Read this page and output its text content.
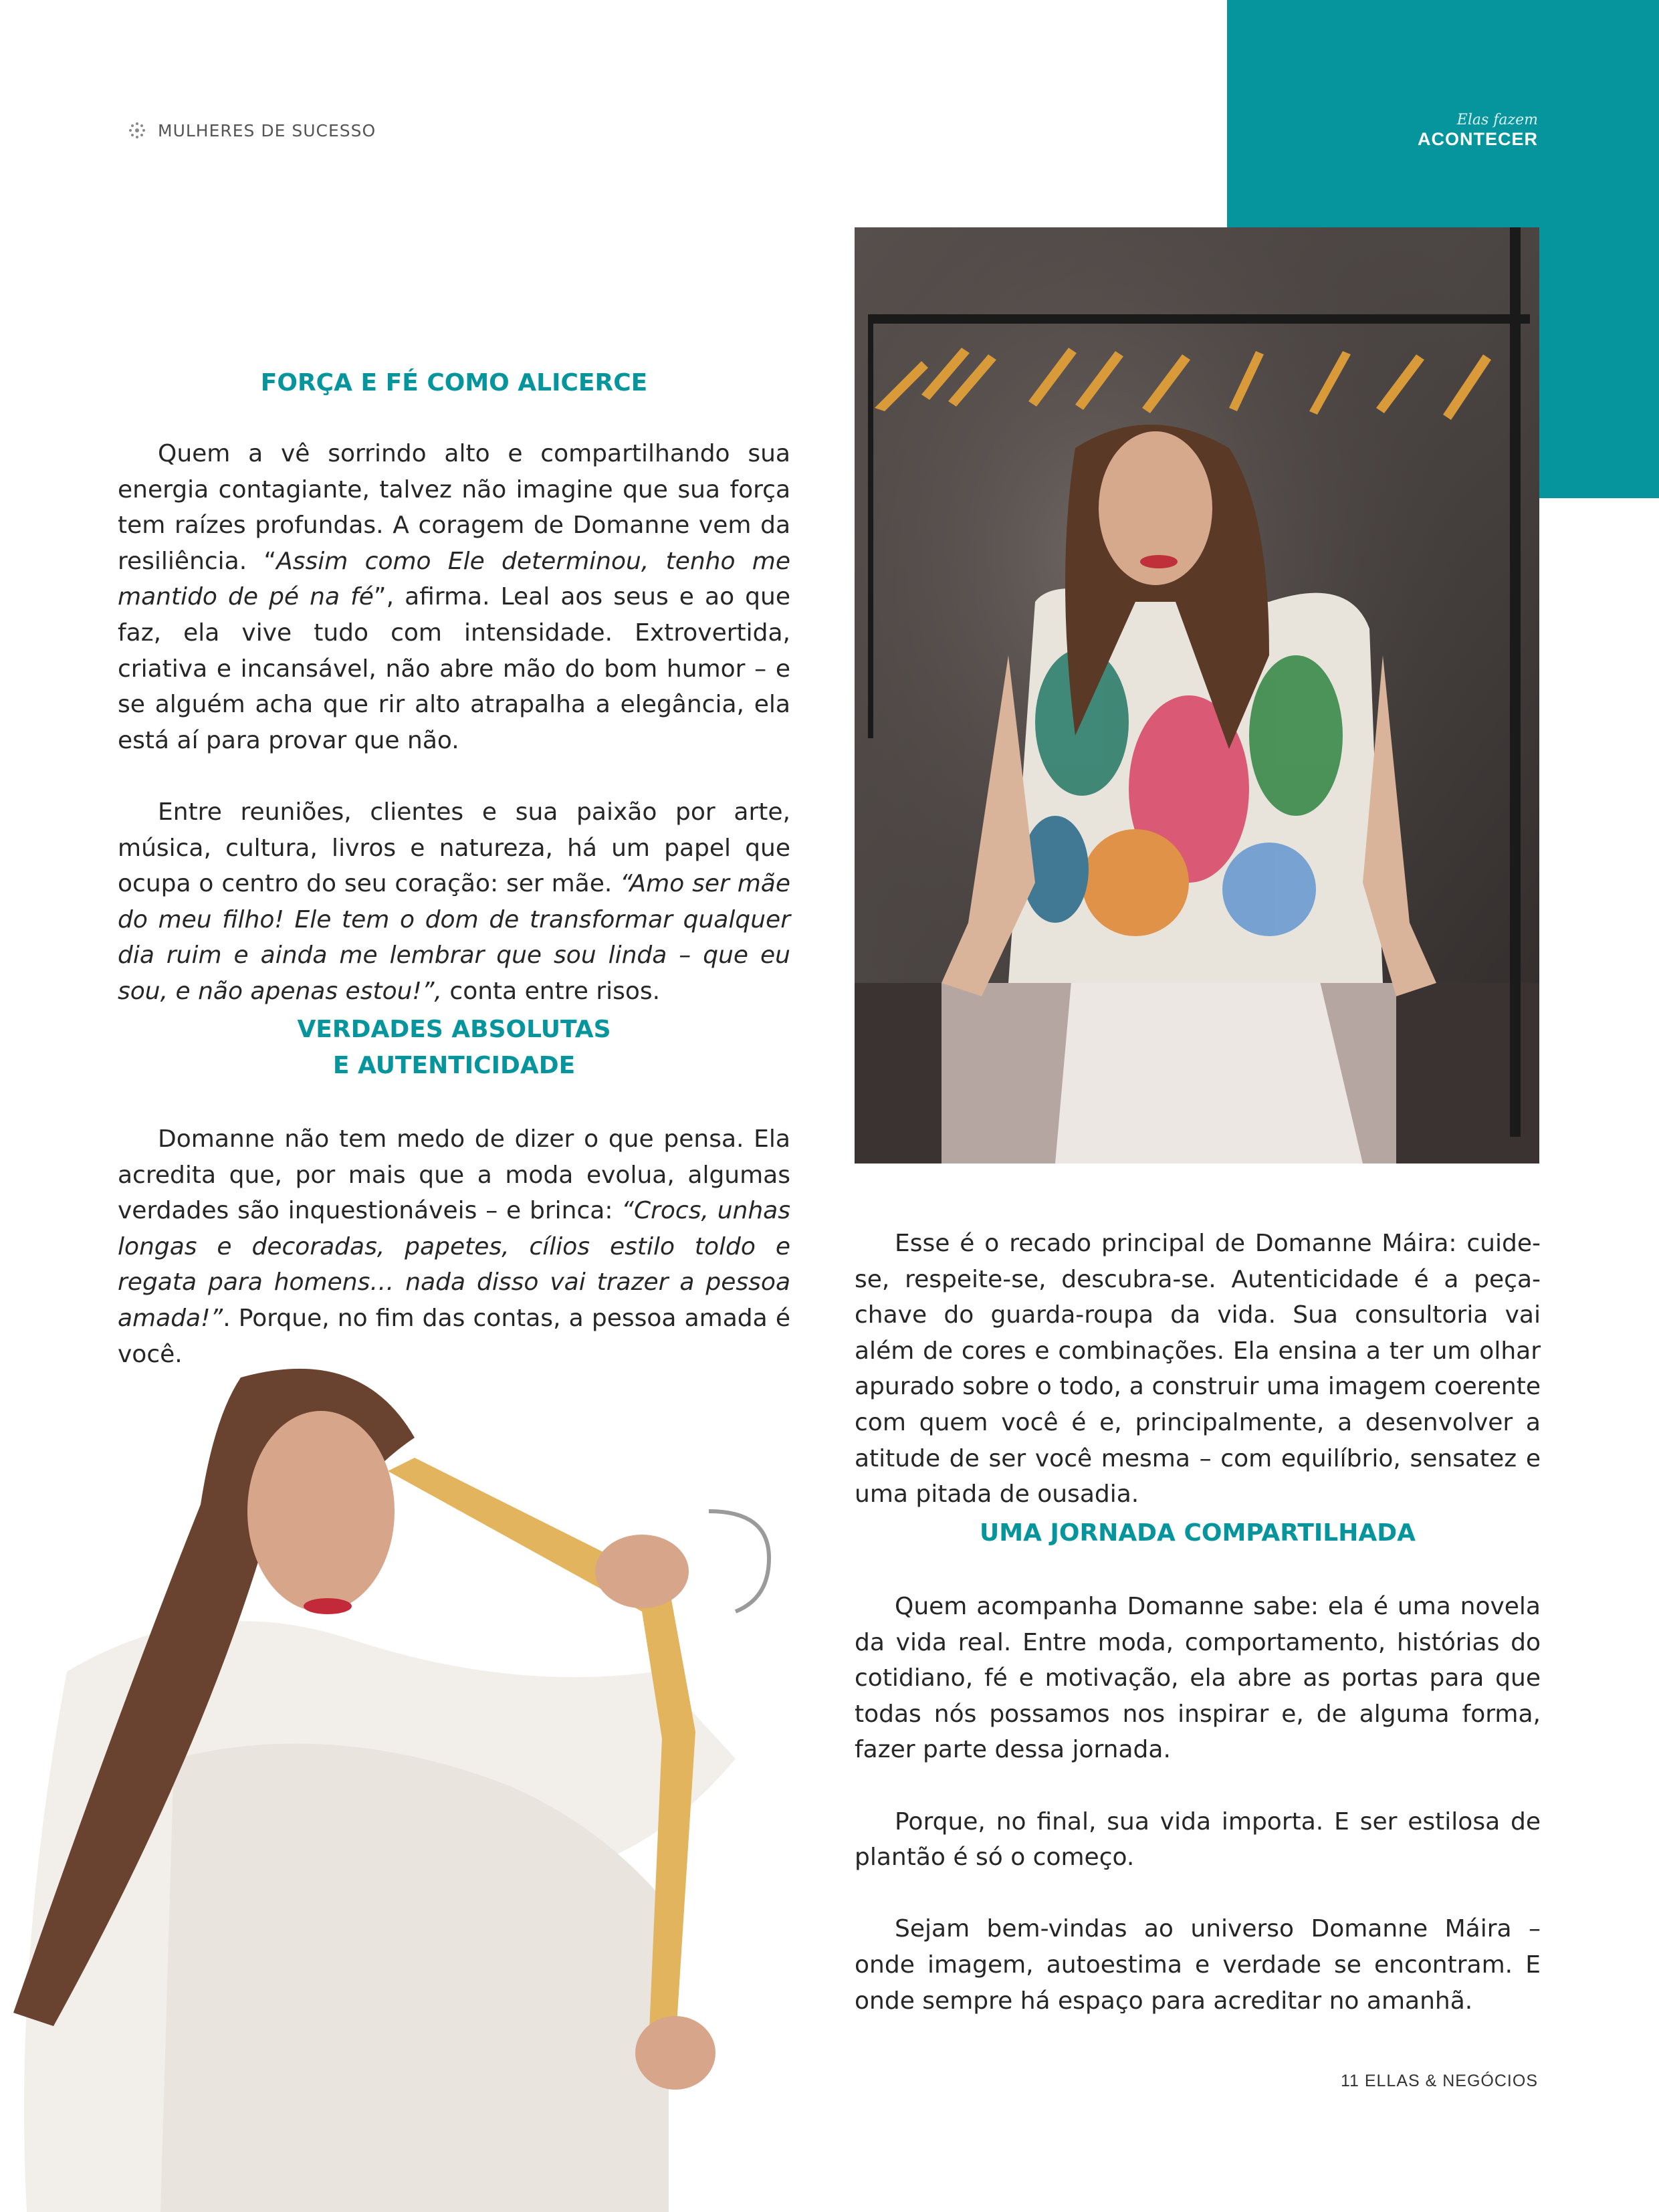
MULHERES DE SUCESSO
Elas fazem
ACONTECER
FORÇA E FÉ COMO ALICERCE

Quem a vê sorrindo alto e compartilhando sua energia contagiante, talvez não imagine que sua força tem raízes profundas. A coragem de Domanne vem da resiliência. “Assim como Ele determinou, tenho me mantido de pé na fé”, afirma. Leal aos seus e ao que faz, ela vive tudo com intensidade. Extrovertida, criativa e incansável, não abre mão do bom humor – e se alguém acha que rir alto atrapalha a elegância, ela está aí para provar que não.

Entre reuniões, clientes e sua paixão por arte, música, cultura, livros e natureza, há um papel que ocupa o centro do seu coração: ser mãe. “Amo ser mãe do meu filho! Ele tem o dom de transformar qualquer dia ruim e ainda me lembrar que sou linda – que eu sou, e não apenas estou!”, conta entre risos.

VERDADES ABSOLUTAS
E AUTENTICIDADE

Domanne não tem medo de dizer o que pensa. Ela acredita que, por mais que a moda evolua, algumas verdades são inquestionáveis – e brinca: “Crocs, unhas longas e decoradas, papetes, cílios estilo toldo e regata para homens… nada disso vai trazer a pessoa amada!”. Porque, no fim das contas, a pessoa amada é você.

Esse é o recado principal de Domanne Máira: cuide-se, respeite-se, descubra-se. Autenticidade é a peça-chave do guarda-roupa da vida. Sua consultoria vai além de cores e combinações. Ela ensina a ter um olhar apurado sobre o todo, a construir uma imagem coerente com quem você é e, principalmente, a desenvolver a atitude de ser você mesma – com equilíbrio, sensatez e uma pitada de ousadia.

UMA JORNADA COMPARTILHADA

Quem acompanha Domanne sabe: ela é uma novela da vida real. Entre moda, comportamento, histórias do cotidiano, fé e motivação, ela abre as portas para que todas nós possamos nos inspirar e, de alguma forma, fazer parte dessa jornada.

Porque, no final, sua vida importa. E ser estilosa de plantão é só o começo.

Sejam bem-vindas ao universo Domanne Máira – onde imagem, autoestima e verdade se encontram. E onde sempre há espaço para acreditar no amanhã.

11 ELLAS & NEGÓCIOS
